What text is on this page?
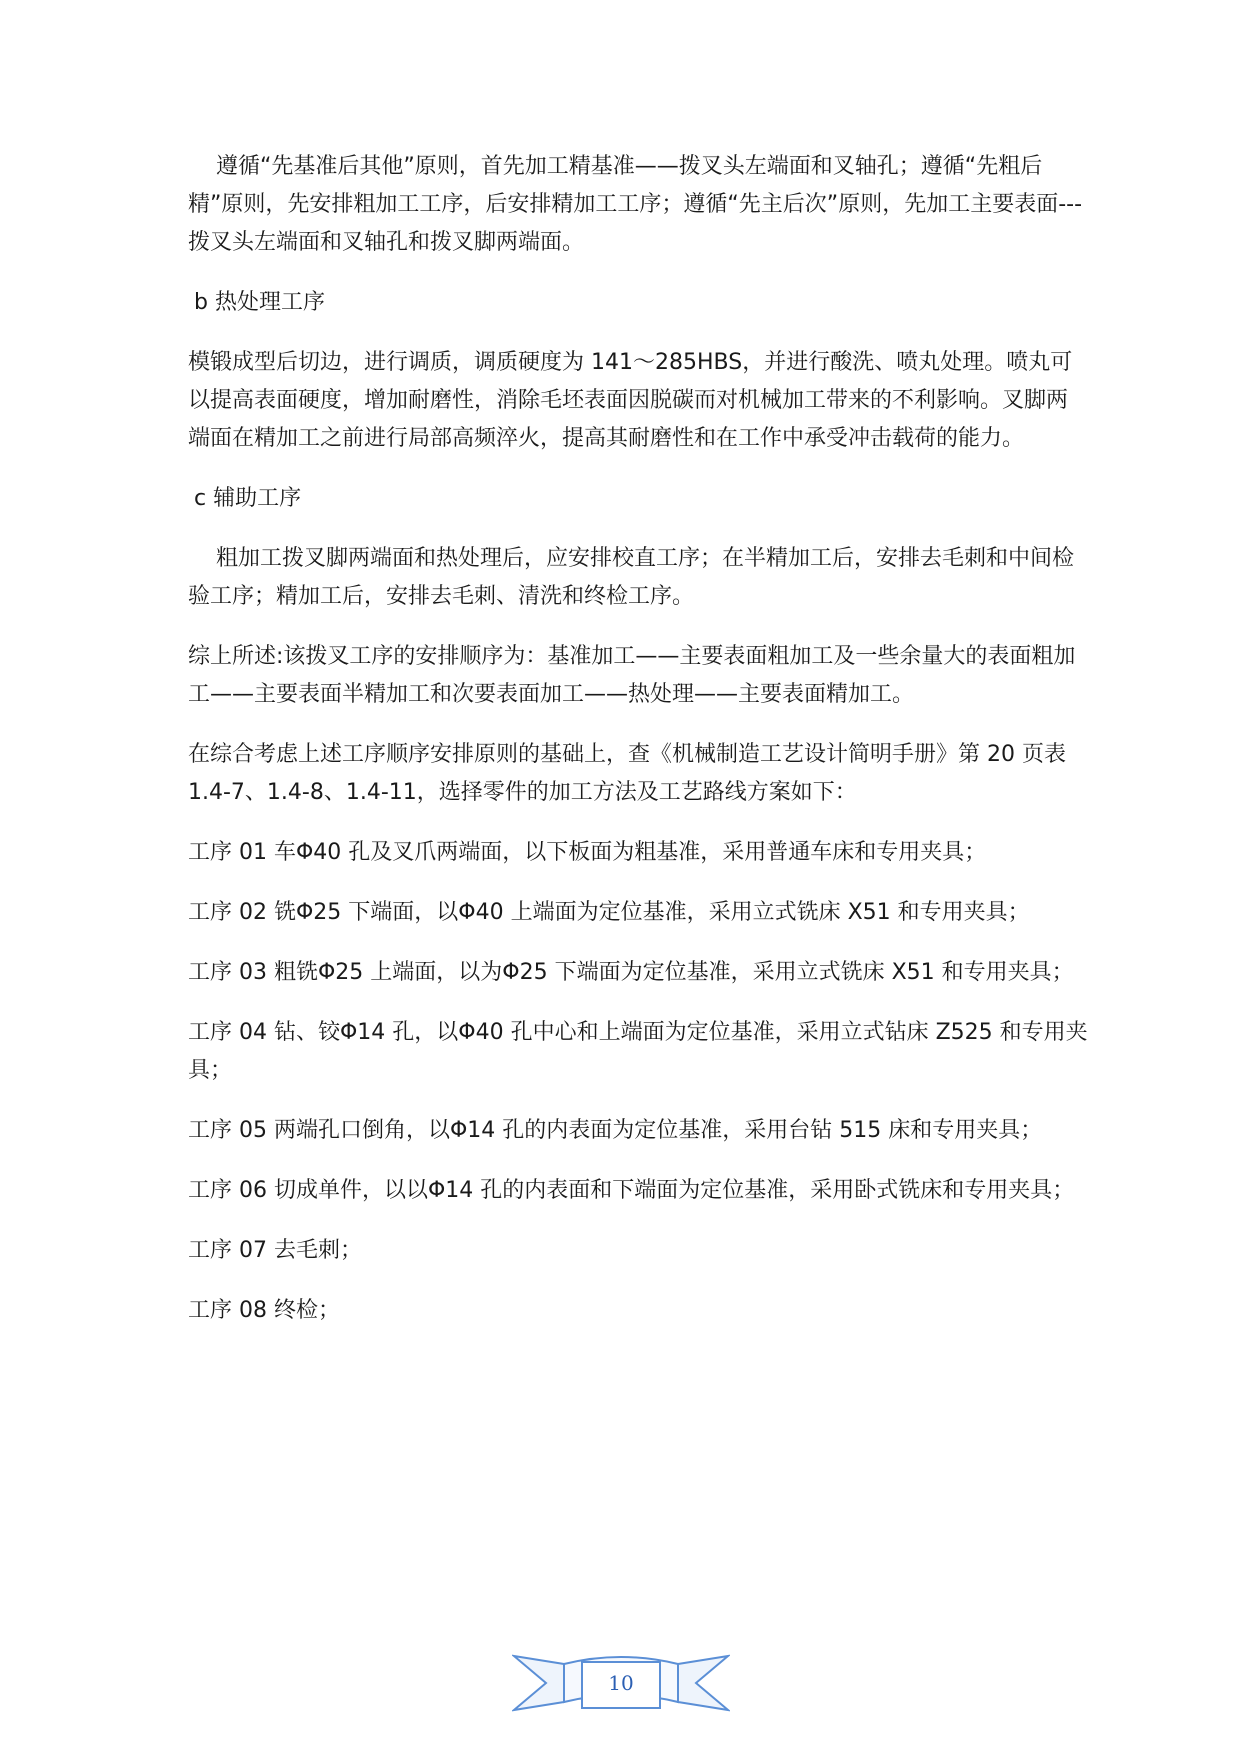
遵循“先基准后其他”原则，首先加工精基准——拨叉头左端面和叉轴孔；遵循“先粗后精”原则，先安排粗加工工序，后安排精加工工序；遵循“先主后次”原则，先加工主要表面---拨叉头左端面和叉轴孔和拨叉脚两端面。

b 热处理工序

模锻成型后切边，进行调质，调质硬度为 141～285HBS，并进行酸洗、喷丸处理。喷丸可以提高表面硬度，增加耐磨性，消除毛坯表面因脱碳而对机械加工带来的不利影响。叉脚两端面在精加工之前进行局部高频淬火，提高其耐磨性和在工作中承受冲击载荷的能力。

c 辅助工序

粗加工拨叉脚两端面和热处理后，应安排校直工序；在半精加工后，安排去毛刺和中间检验工序；精加工后，安排去毛刺、清洗和终检工序。

综上所述:该拨叉工序的安排顺序为：基准加工——主要表面粗加工及一些余量大的表面粗加工——主要表面半精加工和次要表面加工——热处理——主要表面精加工。

在综合考虑上述工序顺序安排原则的基础上，查《机械制造工艺设计简明手册》第 20 页表 1.4-7、1.4-8、1.4-11，选择零件的加工方法及工艺路线方案如下：

工序 01 车Φ40 孔及叉爪两端面，以下板面为粗基准，采用普通车床和专用夹具；

工序 02 铣Φ25 下端面，以Φ40 上端面为定位基准，采用立式铣床 X51 和专用夹具；

工序 03 粗铣Φ25 上端面，以为Φ25 下端面为定位基准，采用立式铣床 X51 和专用夹具；

工序 04 钻、铰Φ14 孔，以Φ40 孔中心和上端面为定位基准，采用立式钻床 Z525 和专用夹具；

工序 05 两端孔口倒角，以Φ14 孔的内表面为定位基准，采用台钻 515 床和专用夹具；

工序 06 切成单件，以以Φ14 孔的内表面和下端面为定位基准，采用卧式铣床和专用夹具；

工序 07 去毛刺；

工序 08 终检；

10
